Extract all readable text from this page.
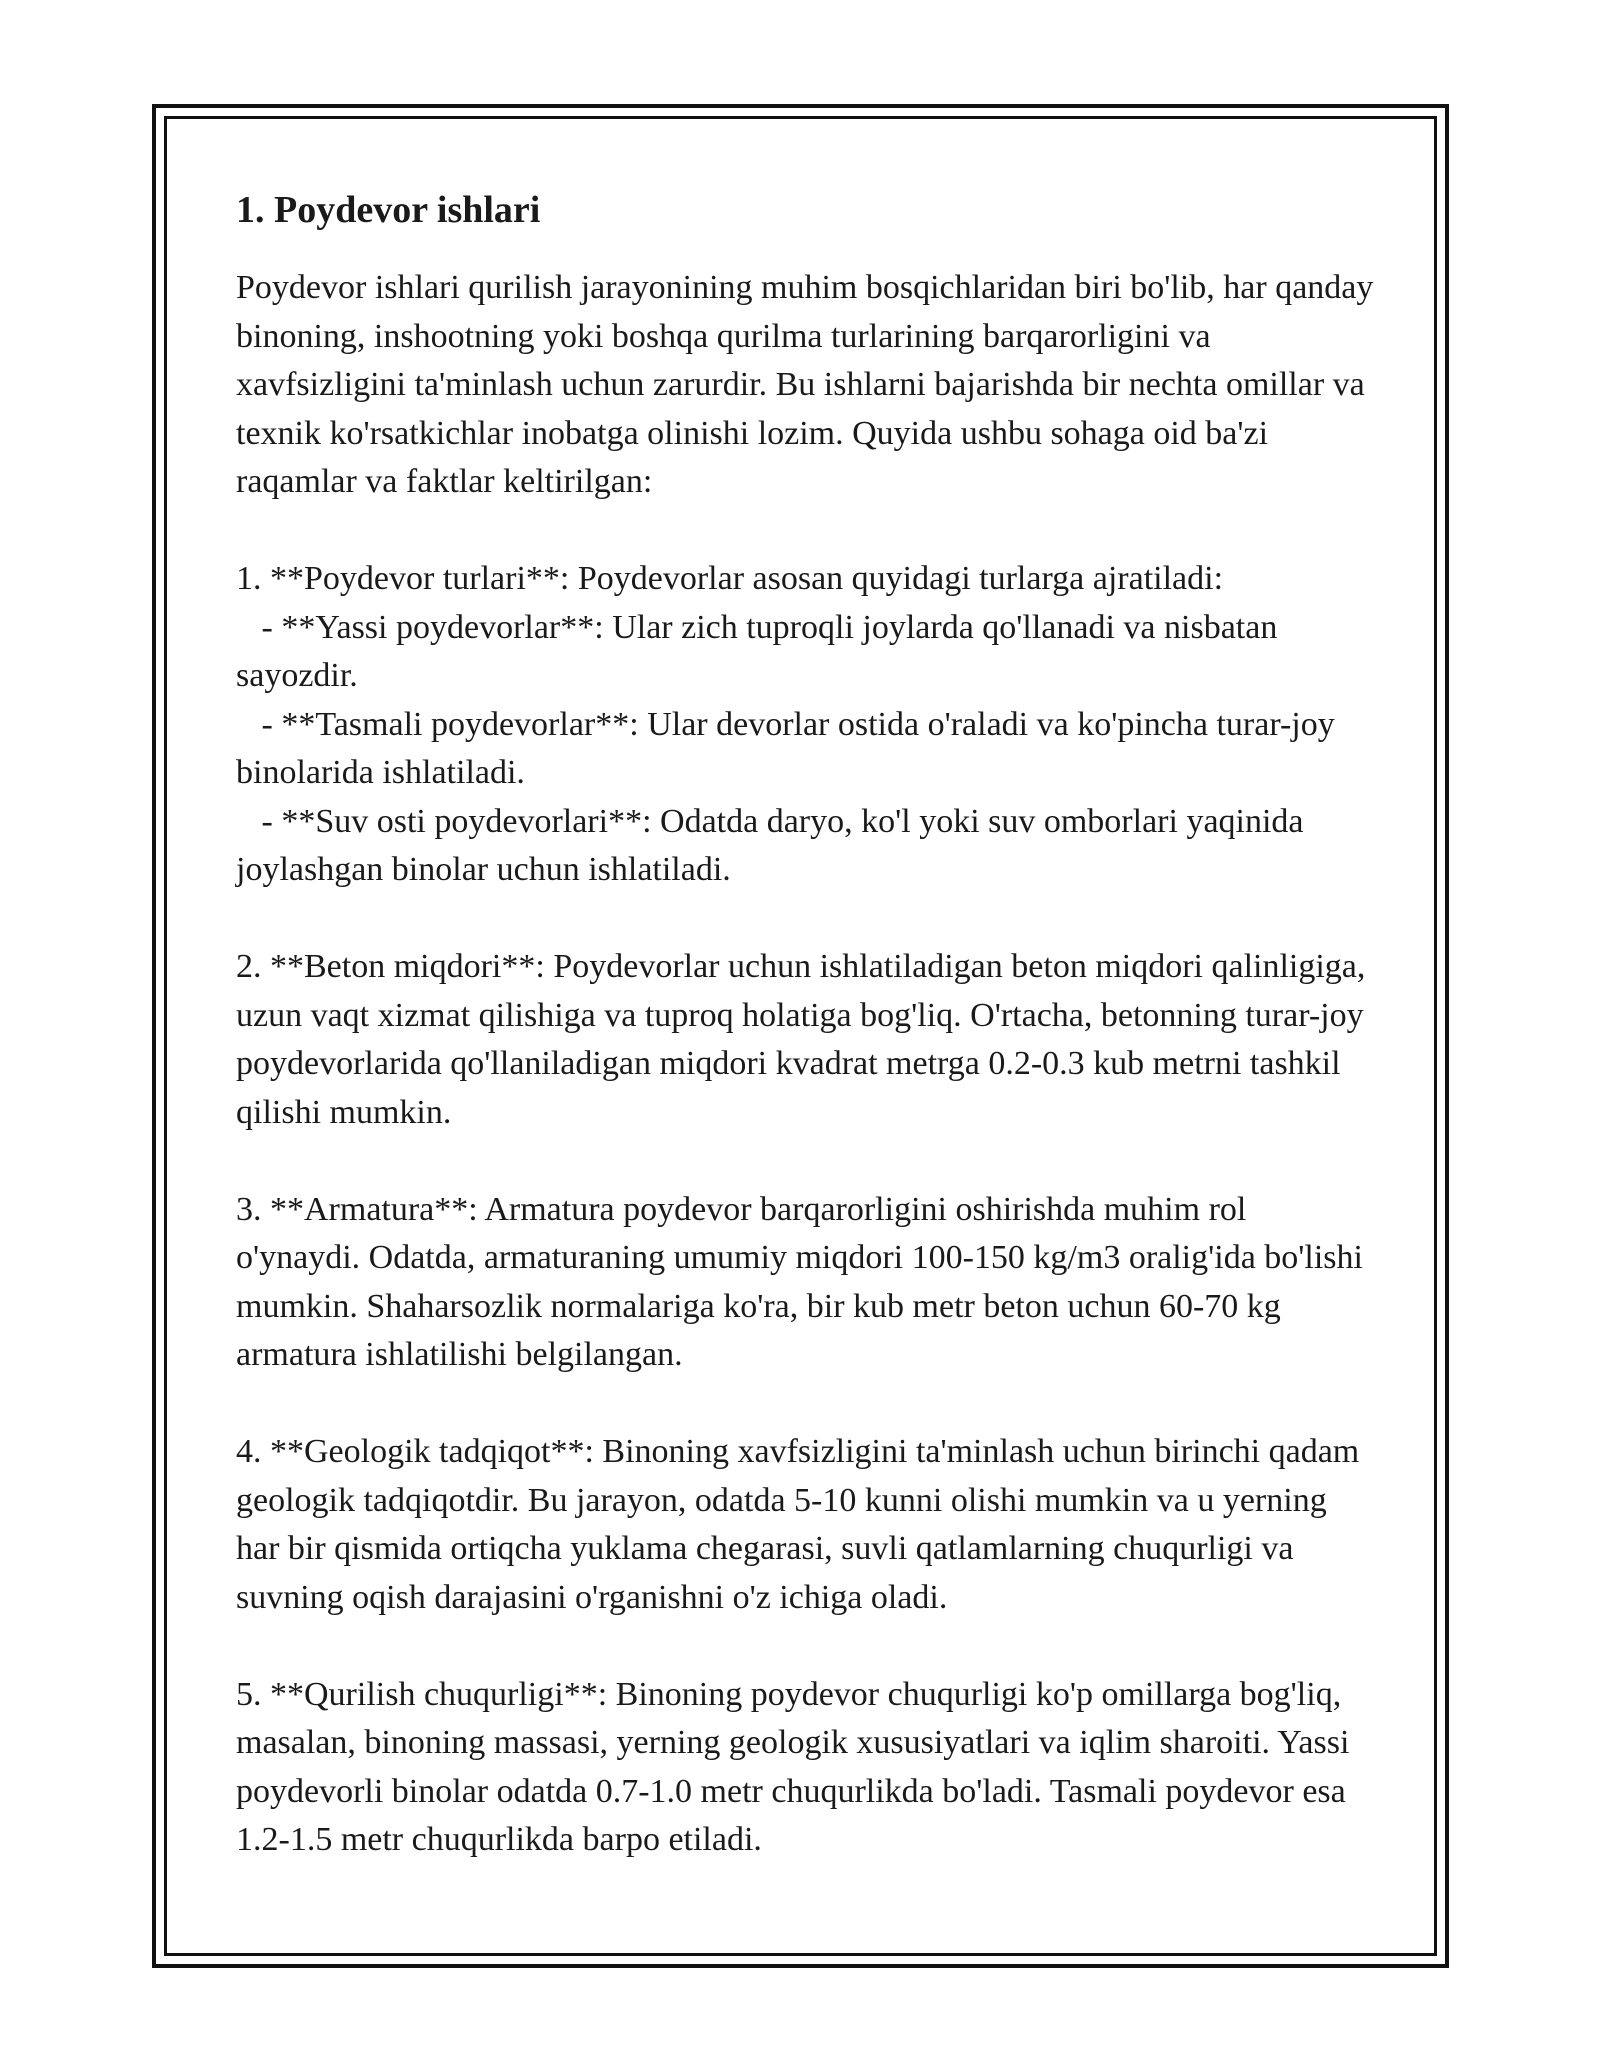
1. Poydevor ishlari

Poydevor ishlari qurilish jarayonining muhim bosqichlaridan biri bo'lib, har qanday binoning, inshootning yoki boshqa qurilma turlarining barqarorligini va xavfsizligini ta'minlash uchun zarurdir. Bu ishlarni bajarishda bir nechta omillar va texnik ko'rsatkichlar inobatga olinishi lozim. Quyida ushbu sohaga oid ba'zi raqamlar va faktlar keltirilgan:

1. **Poydevor turlari**: Poydevorlar asosan quyidagi turlarga ajratiladi:

- **Yassi poydevorlar**: Ular zich tuproqli joylarda qo'llanadi va nisbatan sayozdir.

- **Tasmali poydevorlar**: Ular devorlar ostida o'raladi va ko'pincha turar-joy binolarida ishlatiladi.

- **Suv osti poydevorlari**: Odatda daryo, ko'l yoki suv omborlari yaqinida joylashgan binolar uchun ishlatiladi.

2. **Beton miqdori**: Poydevorlar uchun ishlatiladigan beton miqdori qalinligiga, uzun vaqt xizmat qilishiga va tuproq holatiga bog'liq. O'rtacha, betonning turar-joy poydevorlarida qo'llaniladigan miqdori kvadrat metrga 0.2-0.3 kub metrni tashkil qilishi mumkin.

3. **Armatura**: Armatura poydevor barqarorligini oshirishda muhim rol o'ynaydi. Odatda, armaturaning umumiy miqdori 100-150 kg/m3 oralig'ida bo'lishi mumkin. Shaharsozlik normalariga ko'ra, bir kub metr beton uchun 60-70 kg armatura ishlatilishi belgilangan.

4. **Geologik tadqiqot**: Binoning xavfsizligini ta'minlash uchun birinchi qadam geologik tadqiqotdir. Bu jarayon, odatda 5-10 kunni olishi mumkin va u yerning har bir qismida ortiqcha yuklama chegarasi, suvli qatlamlarning chuqurligi va suvning oqish darajasini o'rganishni o'z ichiga oladi.

5. **Qurilish chuqurligi**: Binoning poydevor chuqurligi ko'p omillarga bog'liq, masalan, binoning massasi, yerning geologik xususiyatlari va iqlim sharoiti. Yassi poydevorli binolar odatda 0.7-1.0 metr chuqurlikda bo'ladi. Tasmali poydevor esa 1.2-1.5 metr chuqurlikda barpo etiladi.
